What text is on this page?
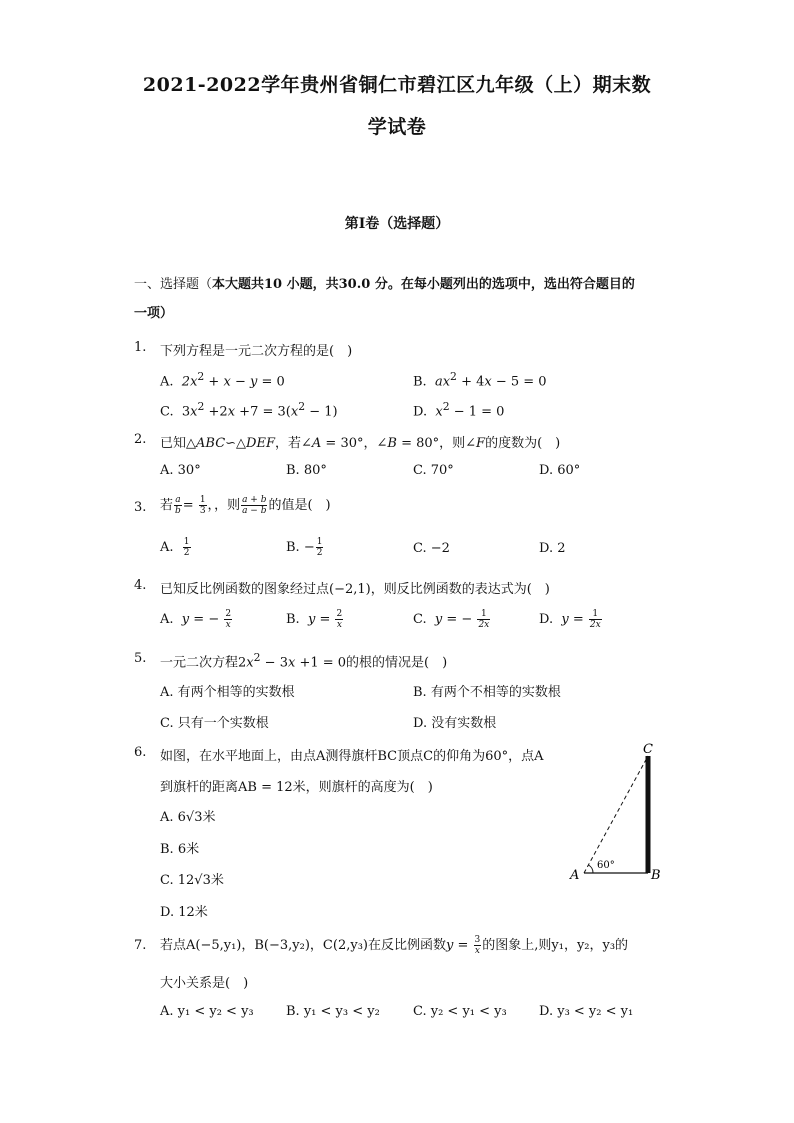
2021-2022学年贵州省铜仁市碧江区九年级（上）期末数
学试卷
第Ⅰ卷（选择题）
一、选择题（本大题共10 小题，共30.0 分。在每小题列出的选项中，选出符合题目的
一项）
1. 下列方程是一元二次方程的是(　)
A. $2x^2 + x - y = 0$	B. $ax^2 + 4x - 5 = 0$
C.  $3x^2 +2x +7 = 3(x^2 - 1)$	D. $x^2 - 1 = 0$
2. 已知△ABC∽△DEF，若∠A = 30°，∠B = 80°，则∠F的度数为(　)
A. 30°	B. 80°	C. 70°	D. 60°
3. 若 $\frac{a}{b} = \frac{1}{3}$ ，，则 $\frac{a + b}{a - b}$ 的值是(　)
A. $\frac{1}{2}$	B. − $\frac{1}{2}$	C. −2	D. 2
4. 已知反比例函数的图象经过点(−2,1)，则反比例函数的表达式为(　)
A. y = − $\frac{2}{x}$	B. $y = \frac{2}{x}$	C. y = − $\frac{1}{2x}$	D. $y = \frac{1}{2x}$
5. 一元二次方程$2x^2 - 3x +1 = 0$的根的情况是(　)
A. 有两个相等的实数根	B. 有两个不相等的实数根
C. 只有一个实数根	D. 没有实数根
6. 如图，在水平地面上，由点A测得旗杆BC顶点C的仰角为60°，点A
到旗杆的距离AB = 12米，则旗杆的高度为(　)
A. 6√3米
B. 6米
C. 12√3米
D. 12米
C
A	B
60°
7. 若点A(−5,y₁)，B(−3,y₂)，C(2,y₃)在反比例函数$y = \frac{3}{x}$ 的图象上,则y₁，y₂，y₃的
大小关系是(　)
A. y₁ < y₂ < y₃ B. y₁ < y₃ < y₂	C. y₂ < y₁ < y₃ D. y₃ < y₂ < y₁
